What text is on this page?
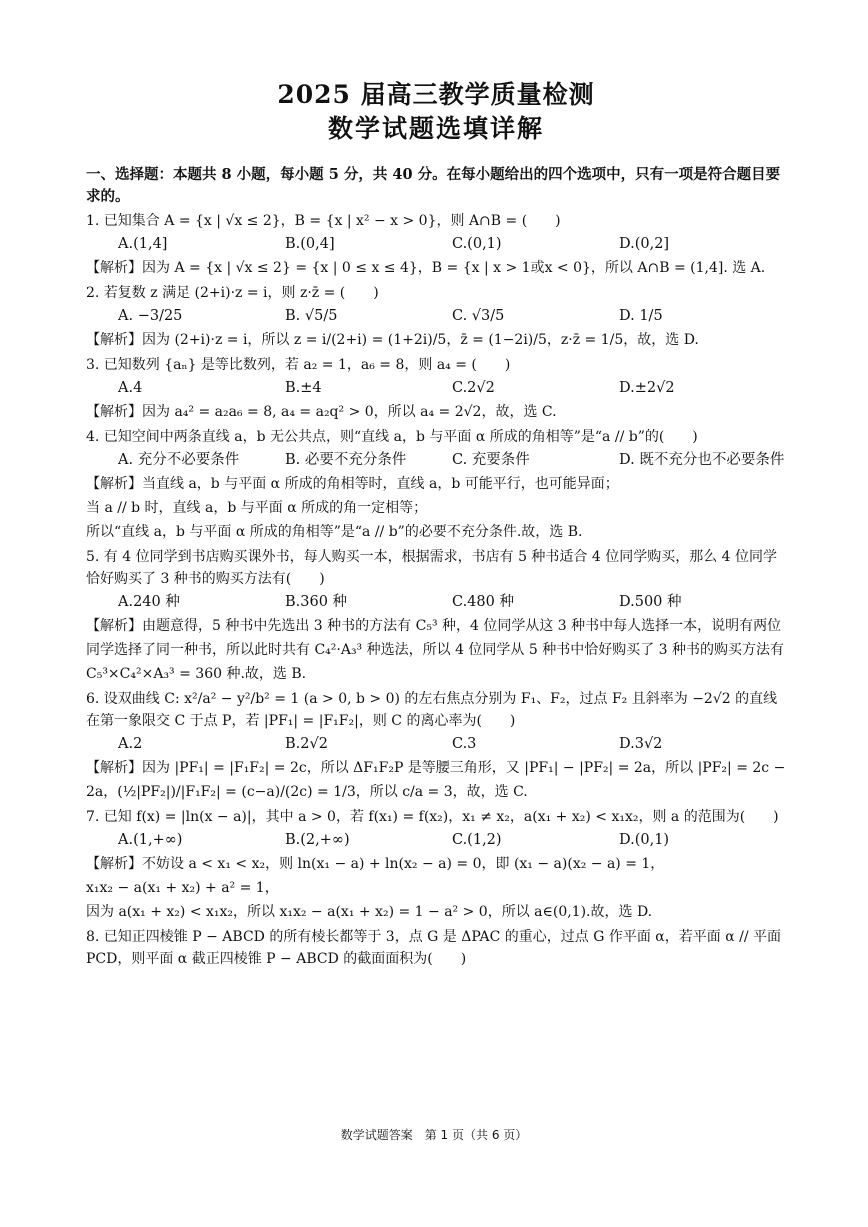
2025 届高三教学质量检测
数学试题选填详解
一、选择题：本题共 8 小题，每小题 5 分，共 40 分。在每小题给出的四个选项中，只有一项是符合题目要求的。
1. 已知集合 A = {x | √x ≤ 2}，B = {x | x² − x > 0}，则 A∩B = (　　)
A.(1,4]	B.(0,4]	C.(0,1)	D.(0,2]
【解析】因为 A = {x | √x ≤ 2} = {x | 0 ≤ x ≤ 4}，B = {x | x > 1或x < 0}，所以 A∩B = (1,4]. 选 A.
2. 若复数 z 满足 (2+i)·z = i，则 z·z̄ = (　　)
A. −3/25	B. √5/5	C. √3/5	D. 1/5
【解析】因为 (2+i)·z = i，所以 z = i/(2+i) = (1+2i)/5，z̄ = (1−2i)/5，z·z̄ = 1/5，故，选 D.
3. 已知数列 {aₙ} 是等比数列，若 a₂ = 1，a₆ = 8，则 a₄ = (　　)
A.4	B.±4	C.2√2	D.±2√2
【解析】因为 a₄² = a₂a₆ = 8, a₄ = a₂q² > 0，所以 a₄ = 2√2，故，选 C.
4. 已知空间中两条直线 a，b 无公共点，则“直线 a，b 与平面 α 所成的角相等”是“a // b”的(　　)
A. 充分不必要条件	B. 必要不充分条件	C. 充要条件	D. 既不充分也不必要条件
【解析】当直线 a，b 与平面 α 所成的角相等时，直线 a，b 可能平行，也可能异面；
当 a // b 时，直线 a，b 与平面 α 所成的角一定相等；
所以“直线 a，b 与平面 α 所成的角相等”是“a // b”的必要不充分条件.故，选 B.
5. 有 4 位同学到书店购买课外书，每人购买一本，根据需求，书店有 5 种书适合 4 位同学购买，那么 4 位同学恰好购买了 3 种书的购买方法有(　　)
A.240 种	B.360 种	C.480 种	D.500 种
【解析】由题意得，5 种书中先选出 3 种书的方法有 C₅³ 种，4 位同学从这 3 种书中每人选择一本，说明有两位同学选择了同一种书，所以此时共有 C₄²·A₃³ 种选法，所以 4 位同学从 5 种书中恰好购买了 3 种书的购买方法有 C₅³×C₄²×A₃³ = 360 种.故，选 B.
6. 设双曲线 C: x²/a² − y²/b² = 1 (a > 0, b > 0) 的左右焦点分别为 F₁、F₂，过点 F₂ 且斜率为 −2√2 的直线在第一象限交 C 于点 P，若 |PF₁| = |F₁F₂|，则 C 的离心率为(　　)
A.2	B.2√2	C.3	D.3√2
【解析】因为 |PF₁| = |F₁F₂| = 2c，所以 ΔF₁F₂P 是等腰三角形，又 |PF₁| − |PF₂| = 2a，所以 |PF₂| = 2c − 2a，(½|PF₂|)/|F₁F₂| = (c−a)/(2c) = 1/3，所以 c/a = 3，故，选 C.
7. 已知 f(x) = |ln(x − a)|，其中 a > 0，若 f(x₁) = f(x₂)，x₁ ≠ x₂，a(x₁ + x₂) < x₁x₂，则 a 的范围为(　　)
A.(1,+∞)	B.(2,+∞)	C.(1,2)	D.(0,1)
【解析】不妨设 a < x₁ < x₂，则 ln(x₁ − a) + ln(x₂ − a) = 0，即 (x₁ − a)(x₂ − a) = 1，
x₁x₂ − a(x₁ + x₂) + a² = 1，
因为 a(x₁ + x₂) < x₁x₂，所以 x₁x₂ − a(x₁ + x₂) = 1 − a² > 0，所以 a∈(0,1).故，选 D.
8. 已知正四棱锥 P − ABCD 的所有棱长都等于 3，点 G 是 ΔPAC 的重心，过点 G 作平面 α，若平面 α // 平面 PCD，则平面 α 截正四棱锥 P − ABCD 的截面面积为(　　)
数学试题答案　第 1 页（共 6 页）
